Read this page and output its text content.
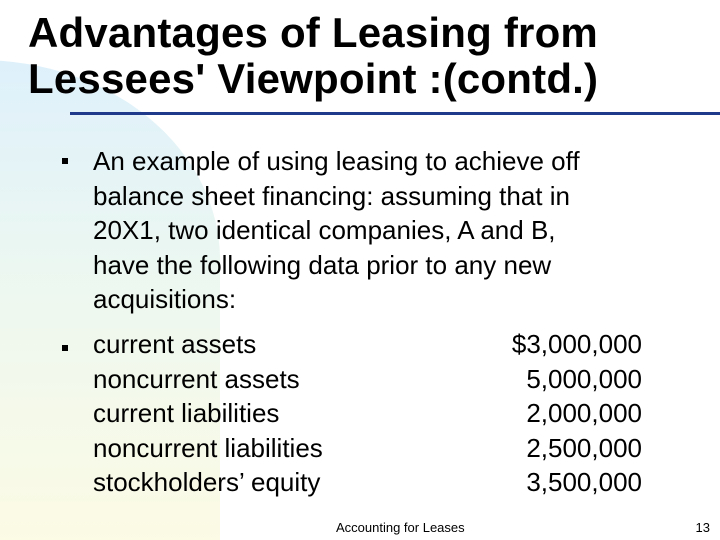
Advantages of Leasing from
Lessees' Viewpoint :(contd.)
An example of using leasing to achieve off
balance sheet financing: assuming that in
20X1, two identical companies, A and B,
have the following data prior to any new
acquisitions:
current assets	$3,000,000
noncurrent assets	5,000,000
current liabilities	2,000,000
noncurrent liabilities	2,500,000
stockholders’ equity	3,500,000
Accounting for Leases	13
